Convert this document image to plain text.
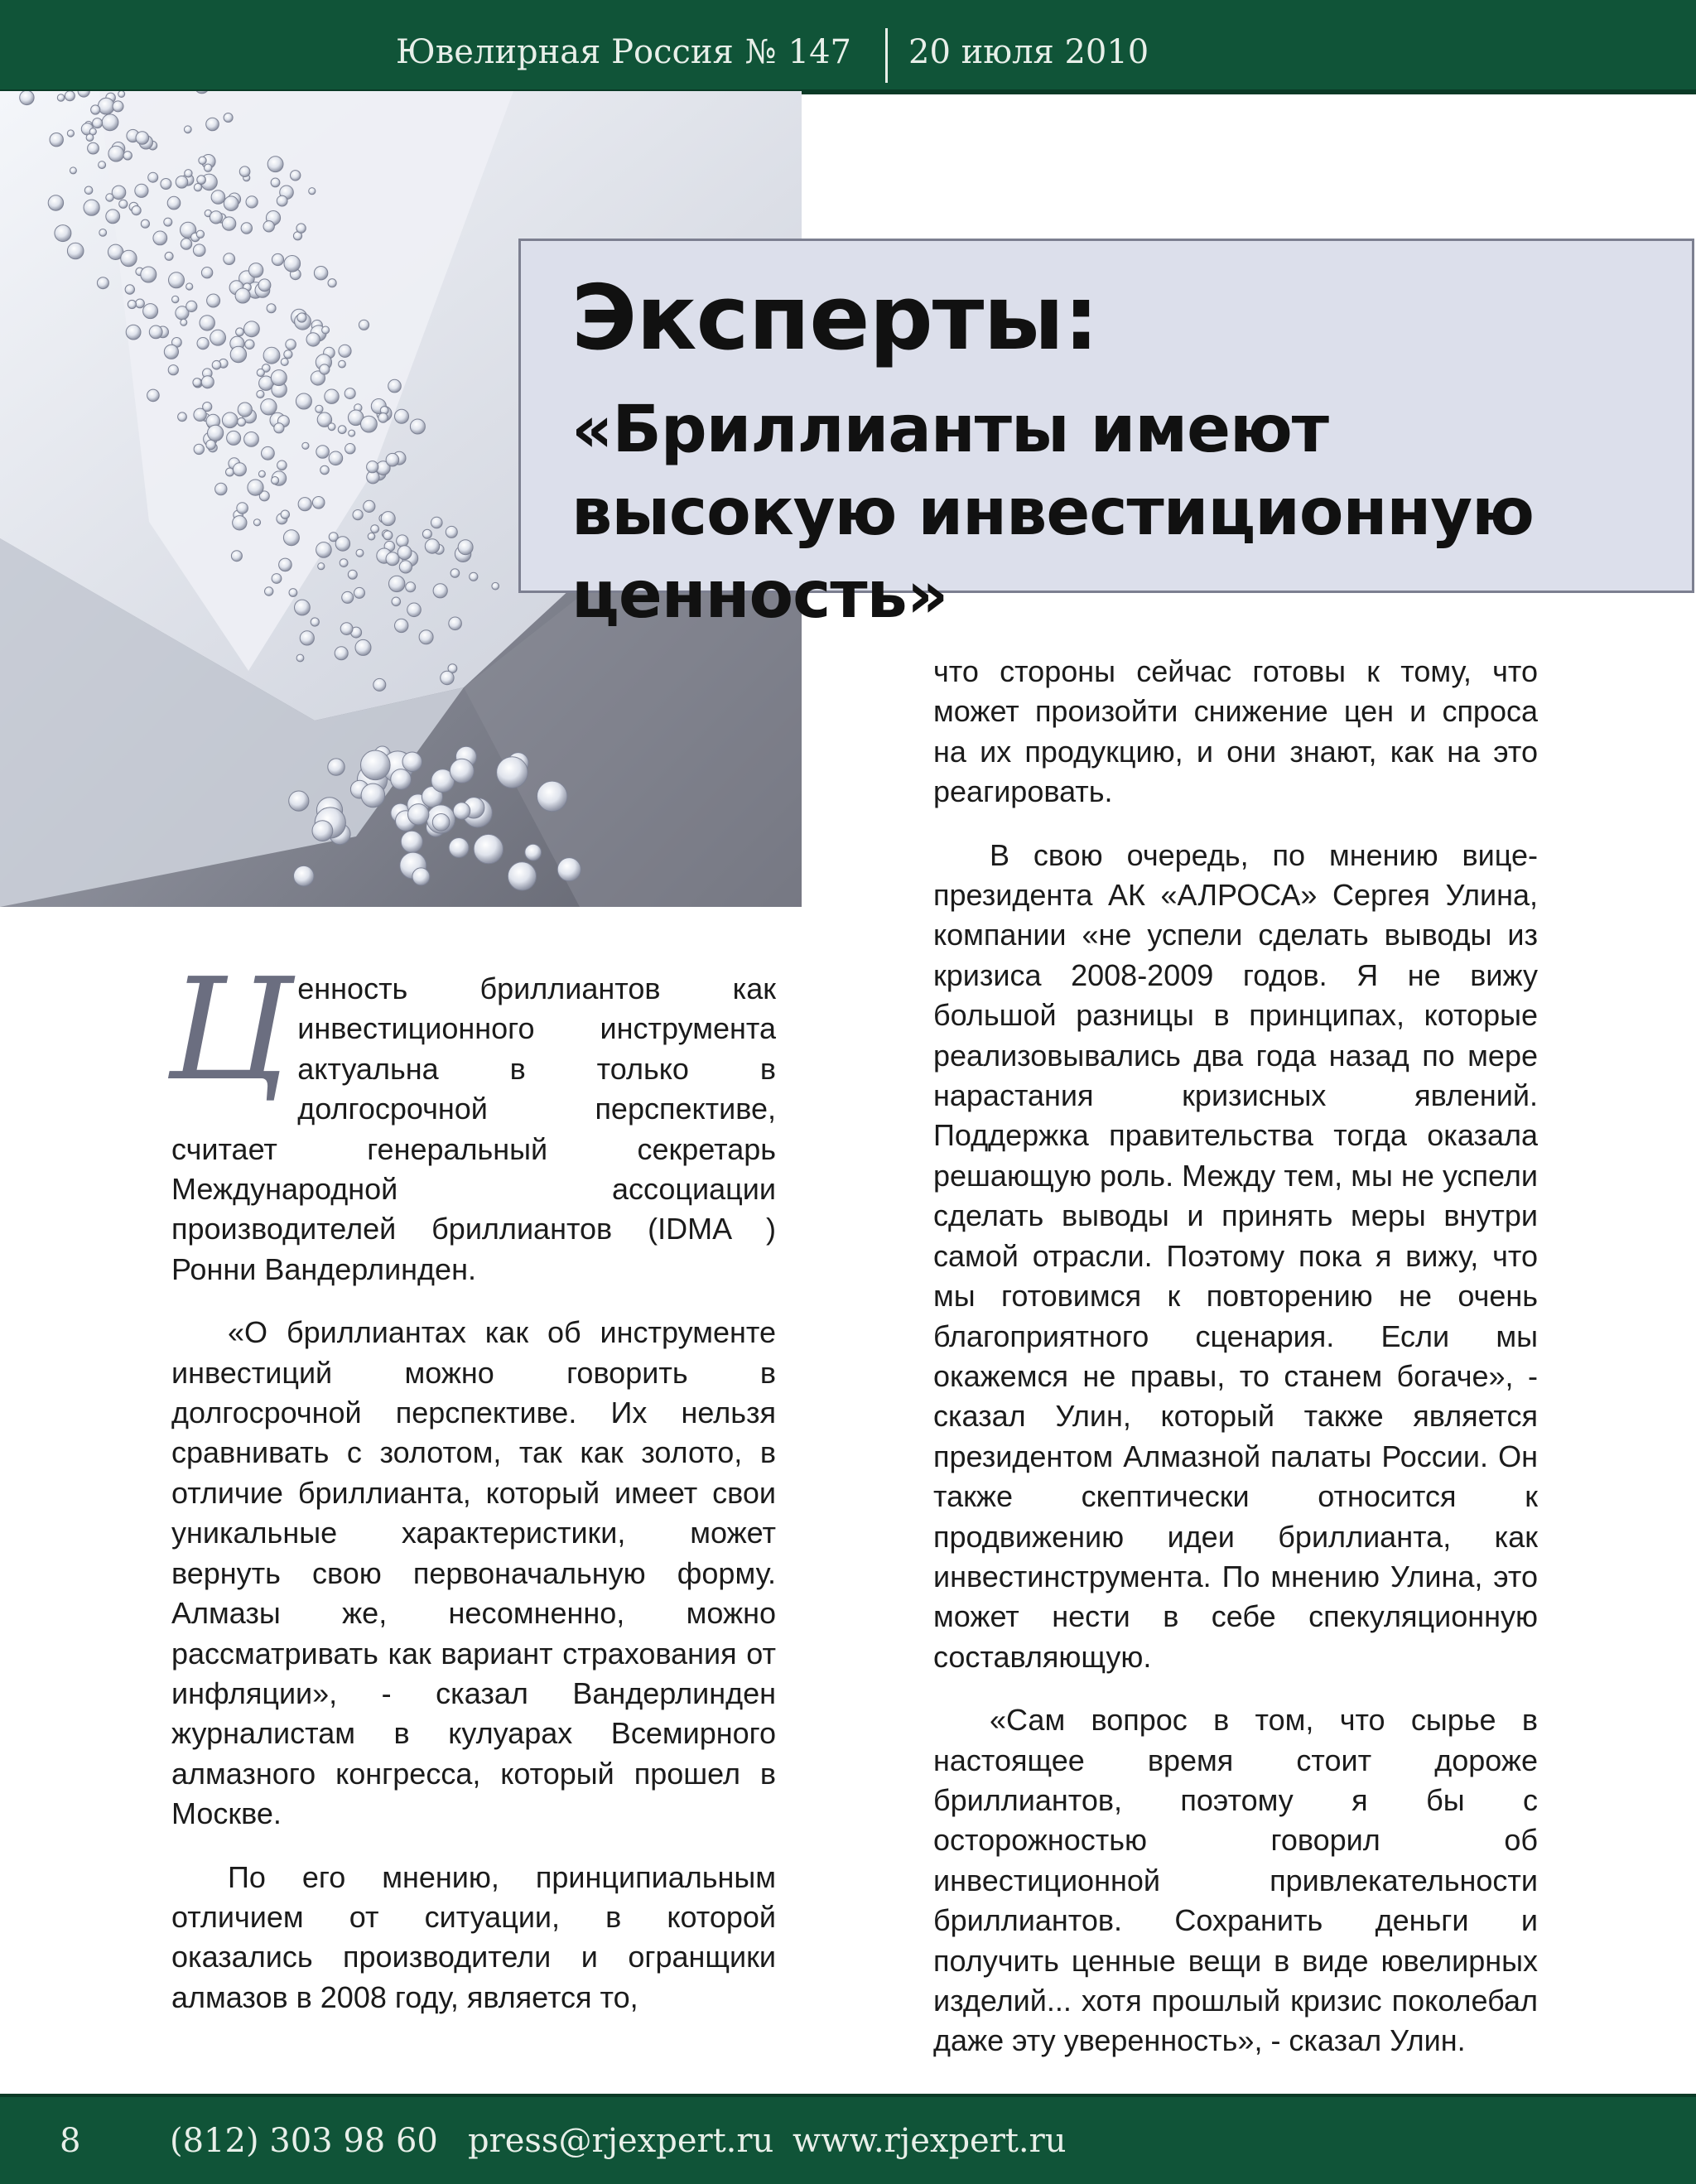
Ювелирная Россия № 147 20 июля 2010
Эксперты:
«Бриллианты имеют высокую инвестиционную ценность»

Ценность бриллиантов как инвестиционного инструмента актуальна в только в долгосрочной перспективе, считает генеральный секретарь Международной ассоциации производителей бриллиантов (IDMA ) Ронни Вандерлинден.

«О бриллиантах как об инструменте инвестиций можно говорить в долгосрочной перспективе. Их нельзя сравнивать с золотом, так как золото, в отличие бриллианта, который имеет свои уникальные характеристики, может вернуть свою первоначальную форму. Алмазы же, несомненно, можно рассматривать как вариант страхования от инфляции», - сказал Вандерлинден журналистам в кулуарах Всемирного алмазного конгресса, который прошел в Москве.

По его мнению, принципиальным отличием от ситуации, в которой оказались производители и огранщики алмазов в 2008 году, является то,

что стороны сейчас готовы к тому, что может произойти снижение цен и спроса на их продукцию, и они знают, как на это реагировать.

В свою очередь, по мнению вице-президента АК «АЛРОСА» Сергея Улина, компании «не успели сделать выводы из кризиса 2008-2009 годов. Я не вижу большой разницы в принципах, которые реализовывались два года назад по мере нарастания кризисных явлений. Поддержка правительства тогда оказала решающую роль. Между тем, мы не успели сделать выводы и принять меры внутри самой отрасли. Поэтому пока я вижу, что мы готовимся к повторению не очень благоприятного сценария. Если мы окажемся не правы, то станем богаче», - сказал Улин, который также является президентом Алмазной палаты России. Он также скептически относится к продвижению идеи бриллианта, как инвестинструмента. По мнению Улина, это может нести в себе спекуляционную составляющую.

«Сам вопрос в том, что сырье в настоящее время стоит дороже бриллиантов, поэтому я бы с осторожностью говорил об инвестиционной привлекательности бриллиантов. Сохранить деньги и получить ценные вещи в виде ювелирных изделий... хотя прошлый кризис поколебал даже эту уверенность», - сказал Улин.

8	(812) 303 98 60 press@rjexpert.ru www.rjexpert.ru
